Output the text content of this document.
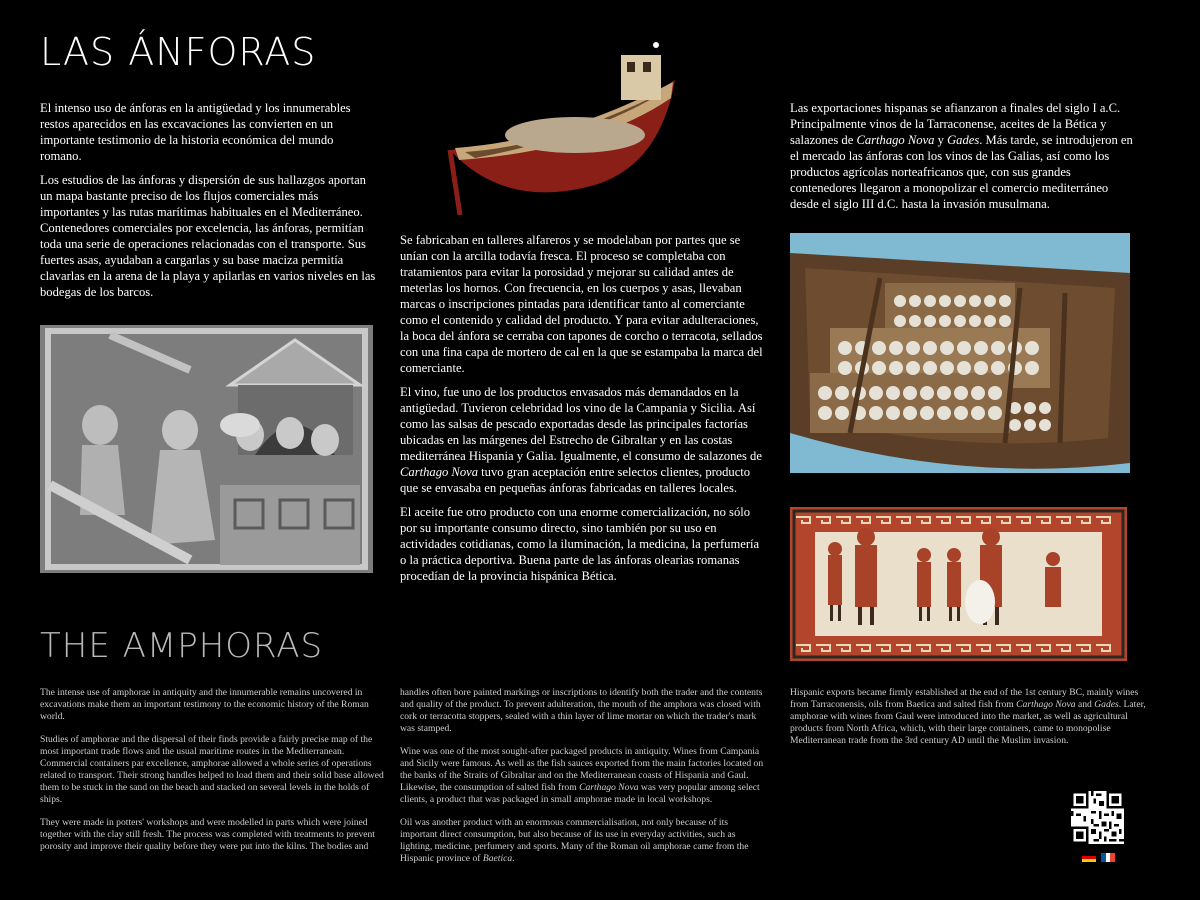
LAS ÁNFORAS

El intenso uso de ánforas en la antigüedad y los innumerables restos aparecidos en las excavaciones las convierten en un importante testimonio de la historia económica del mundo romano.

Los estudios de las ánforas y dispersión de sus hallazgos aportan un mapa bastante preciso de los flujos comerciales más importantes y las rutas marítimas habituales en el Mediterráneo. Contenedores comerciales por excelencia, las ánforas, permitían toda una serie de operaciones relacionadas con el transporte. Sus fuertes asas, ayudaban a cargarlas y su base maciza permitía clavarlas en la arena de la playa y apilarlas en varios niveles en las bodegas de los barcos.

Se fabricaban en talleres alfareros y se modelaban por partes que se unían con la arcilla todavía fresca. El proceso se completaba con tratamientos para evitar la porosidad y mejorar su calidad antes de meterlas los hornos. Con frecuencia, en los cuerpos y asas, llevaban marcas o inscripciones pintadas para identificar tanto al comerciante como el contenido y calidad del producto. Y para evitar adulteraciones, la boca del ánfora se cerraba con tapones de corcho o terracota, sellados con una fina capa de mortero de cal en la que se estampaba la marca del comerciante.

El vino, fue uno de los productos envasados más demandados en la antigüedad. Tuvieron celebridad los vino de la Campania y Sicilia. Así como las salsas de pescado exportadas desde las principales factorías ubicadas en las márgenes del Estrecho de Gibraltar y en las costas mediterránea Hispania y Galia. Igualmente, el consumo de salazones de Carthago Nova tuvo gran aceptación entre selectos clientes, producto que se envasaba en pequeñas ánforas fabricadas en talleres locales.

El aceite fue otro producto con una enorme comercialización, no sólo por su importante consumo directo, sino también por su uso en actividades cotidianas, como la iluminación, la medicina, la perfumería o la práctica deportiva. Buena parte de las ánforas olearias romanas procedían de la provincia hispánica Bética.

Las exportaciones hispanas se afianzaron a finales del siglo I a.C. Principalmente vinos de la Tarraconense, aceites de la Bética y salazones de Carthago Nova y Gades. Más tarde, se introdujeron en el mercado las ánforas con los vinos de las Galias, así como los productos agrícolas norteafricanos que, con sus grandes contenedores llegaron a monopolizar el comercio mediterráneo desde el siglo III d.C. hasta la invasión musulmana.

THE AMPHORAS

The intense use of amphorae in antiquity and the innumerable remains uncovered in excavations make them an important testimony to the economic history of the Roman world.

Studies of amphorae and the dispersal of their finds provide a fairly precise map of the most important trade flows and the usual maritime routes in the Mediterranean. Commercial containers par excellence, amphorae allowed a whole series of operations related to transport. Their strong handles helped to load them and their solid base allowed them to be stuck in the sand on the beach and stacked on several levels in the holds of ships.

They were made in potters' workshops and were modelled in parts which were joined together with the clay still fresh. The process was completed with treatments to prevent porosity and improve their quality before they were put into the kilns. The bodies and

handles often bore painted markings or inscriptions to identify both the trader and the contents and quality of the product. To prevent adulteration, the mouth of the amphora was closed with cork or terracotta stoppers, sealed with a thin layer of lime mortar on which the trader's mark was stamped.

Wine was one of the most sought-after packaged products in antiquity. Wines from Campania and Sicily were famous. As well as the fish sauces exported from the main factories located on the banks of the Straits of Gibraltar and on the Mediterranean coasts of Hispania and Gaul. Likewise, the consumption of salted fish from Carthago Nova was very popular among select clients, a product that was packaged in small amphorae made in local workshops.

Oil was another product with an enormous commercialisation, not only because of its important direct consumption, but also because of its use in everyday activities, such as lighting, medicine, perfumery and sports. Many of the Roman oil amphorae came from the Hispanic province of Baetica.

Hispanic exports became firmly established at the end of the 1st century BC, mainly wines from Tarraconensis, oils from Baetica and salted fish from Carthago Nova and Gades. Later, amphorae with wines from Gaul were introduced into the market, as well as agricultural products from North Africa, which, with their large containers, came to monopolise Mediterranean trade from the 3rd century AD until the Muslim invasion.
